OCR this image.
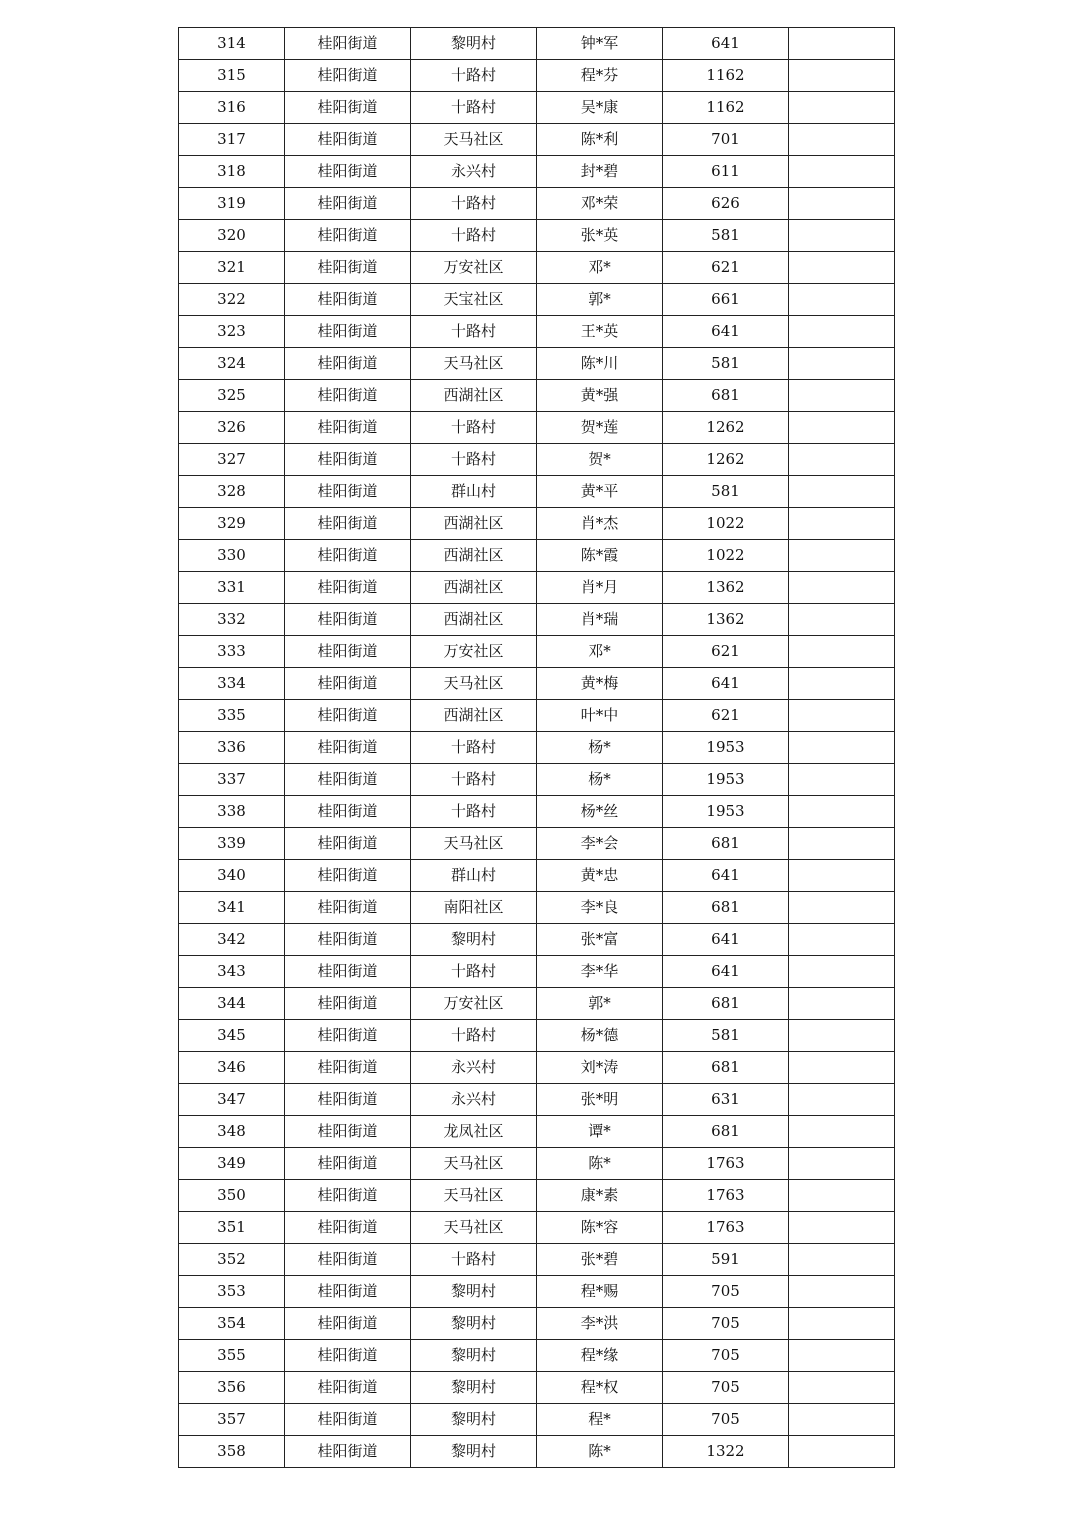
314	桂阳街道	黎明村	钟*军	641	
315	桂阳街道	十路村	程*芬	1162	
316	桂阳街道	十路村	吴*康	1162	
317	桂阳街道	天马社区	陈*利	701	
318	桂阳街道	永兴村	封*碧	611	
319	桂阳街道	十路村	邓*荣	626	
320	桂阳街道	十路村	张*英	581	
321	桂阳街道	万安社区	邓*	621	
322	桂阳街道	天宝社区	郭*	661	
323	桂阳街道	十路村	王*英	641	
324	桂阳街道	天马社区	陈*川	581	
325	桂阳街道	西湖社区	黄*强	681	
326	桂阳街道	十路村	贺*莲	1262	
327	桂阳街道	十路村	贺*	1262	
328	桂阳街道	群山村	黄*平	581	
329	桂阳街道	西湖社区	肖*杰	1022	
330	桂阳街道	西湖社区	陈*霞	1022	
331	桂阳街道	西湖社区	肖*月	1362	
332	桂阳街道	西湖社区	肖*瑞	1362	
333	桂阳街道	万安社区	邓*	621	
334	桂阳街道	天马社区	黄*梅	641	
335	桂阳街道	西湖社区	叶*中	621	
336	桂阳街道	十路村	杨*	1953	
337	桂阳街道	十路村	杨*	1953	
338	桂阳街道	十路村	杨*丝	1953	
339	桂阳街道	天马社区	李*会	681	
340	桂阳街道	群山村	黄*忠	641	
341	桂阳街道	南阳社区	李*良	681	
342	桂阳街道	黎明村	张*富	641	
343	桂阳街道	十路村	李*华	641	
344	桂阳街道	万安社区	郭*	681	
345	桂阳街道	十路村	杨*德	581	
346	桂阳街道	永兴村	刘*涛	681	
347	桂阳街道	永兴村	张*明	631	
348	桂阳街道	龙凤社区	谭*	681	
349	桂阳街道	天马社区	陈*	1763	
350	桂阳街道	天马社区	康*素	1763	
351	桂阳街道	天马社区	陈*容	1763	
352	桂阳街道	十路村	张*碧	591	
353	桂阳街道	黎明村	程*赐	705	
354	桂阳街道	黎明村	李*洪	705	
355	桂阳街道	黎明村	程*缘	705	
356	桂阳街道	黎明村	程*权	705	
357	桂阳街道	黎明村	程*	705	
358	桂阳街道	黎明村	陈*	1322	
